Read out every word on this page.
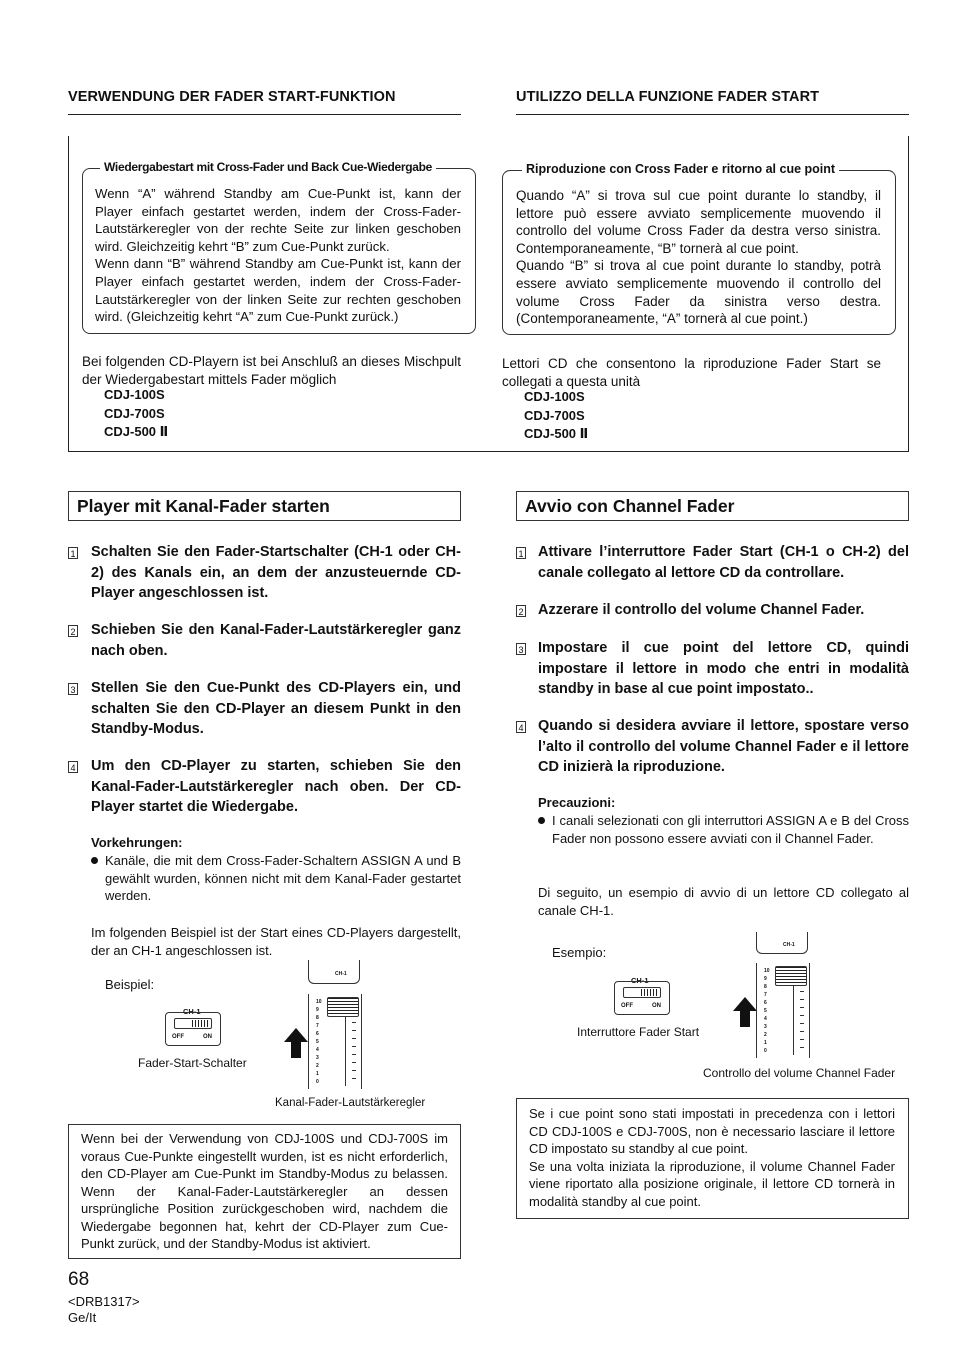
VERWENDUNG DER FADER START-FUNKTION	UTILIZZO DELLA FUNZIONE FADER START
Wiedergabestart mit Cross-Fader und Back Cue-Wiedergabe
Wenn “A” während Standby am Cue-Punkt ist, kann der Player einfach gestartet werden, indem der Cross-Fader-Lautstärkeregler von der rechte Seite zur linken geschoben wird. Gleichzeitig kehrt “B” zum Cue-Punkt zurück.
Wenn dann “B” während Standby am Cue-Punkt ist, kann der Player einfach gestartet werden, indem der Cross-Fader-Lautstärkeregler von der linken Seite zur rechten geschoben wird. (Gleichzeitig kehrt “A” zum Cue-Punkt zurück.)
Riproduzione con Cross Fader e ritorno al cue point
Quando “A” si trova sul cue point durante lo standby, il lettore può essere avviato semplicemente muovendo il controllo del volume Cross Fader da destra verso sinistra. Contemporaneamente, “B” tornerà al cue point.
Quando “B” si trova al cue point durante lo standby, potrà essere avviato semplicemente muovendo il controllo del volume Cross Fader da sinistra verso destra. (Contemporaneamente, “A” tornerà al cue point.)
Bei folgenden CD-Playern ist bei Anschluß an dieses Mischpult der Wiedergabestart mittels Fader möglich
CDJ-100S
CDJ-700S
CDJ-500 Ⅱ
Lettori CD che consentono la riproduzione Fader Start se collegati a questa unità
CDJ-100S
CDJ-700S
CDJ-500 Ⅱ
Player mit Kanal-Fader starten	Avvio con Channel Fader
1 Schalten Sie den Fader-Startschalter (CH-1 oder CH-2) des Kanals ein, an dem der anzusteuernde CD-Player angeschlossen ist.
2 Schieben Sie den Kanal-Fader-Lautstärkeregler ganz nach oben.
3 Stellen Sie den Cue-Punkt des CD-Players ein, und schalten Sie den CD-Player an diesem Punkt in den Standby-Modus.
4 Um den CD-Player zu starten, schieben Sie den Kanal-Fader-Lautstärkeregler nach oben. Der CD-Player startet die Wiedergabe.
Vorkehrungen:
Kanäle, die mit dem Cross-Fader-Schaltern ASSIGN A und B gewählt wurden, können nicht mit dem Kanal-Fader gestartet werden.
Im folgenden Beispiel ist der Start eines CD-Players dargestellt, der an CH-1 angeschlossen ist.
Beispiel:
CH-1
OFF	ON
Fader-Start-Schalter
CH-1
10
9
8
7
6
5
4
3
2
1
0
Kanal-Fader-Lautstärkeregler
Wenn bei der Verwendung von CDJ-100S und CDJ-700S im voraus Cue-Punkte eingestellt wurden, ist es nicht erforderlich, den CD-Player am Cue-Punkt im Standby-Modus zu belassen. Wenn der Kanal-Fader-Lautstärkeregler an dessen ursprüngliche Position zurückgeschoben wird, nachdem die Wiedergabe begonnen hat, kehrt der CD-Player zum Cue-Punkt zurück, und der Standby-Modus ist aktiviert.
1 Attivare l’interruttore Fader Start (CH-1 o CH-2) del canale collegato al lettore CD da controllare.
2 Azzerare il controllo del volume Channel Fader.
3 Impostare il cue point del lettore CD, quindi impostare il lettore in modo che entri in modalità standby in base al cue point impostato..
4 Quando si desidera avviare il lettore, spostare verso l’alto il controllo del volume Channel Fader e il lettore CD inizierà la riproduzione.
Precauzioni:
I canali selezionati con gli interruttori ASSIGN A e B del Cross Fader non possono essere avviati con il Channel Fader.
Di seguito, un esempio di avvio di un lettore CD collegato al canale CH-1.
Esempio:
CH-1
OFF	ON
Interruttore Fader Start
CH-1
10
9
8
7
6
5
4
3
2
1
0
Controllo del volume Channel Fader
Se i cue point sono stati impostati in precedenza con i lettori CD CDJ-100S e CDJ-700S, non è necessario lasciare il lettore CD impostato su standby al cue point.
Se una volta iniziata la riproduzione, il volume Channel Fader viene riportato alla posizione originale, il lettore CD tornerà in modalità standby al cue point.
68
<DRB1317>
Ge/It
